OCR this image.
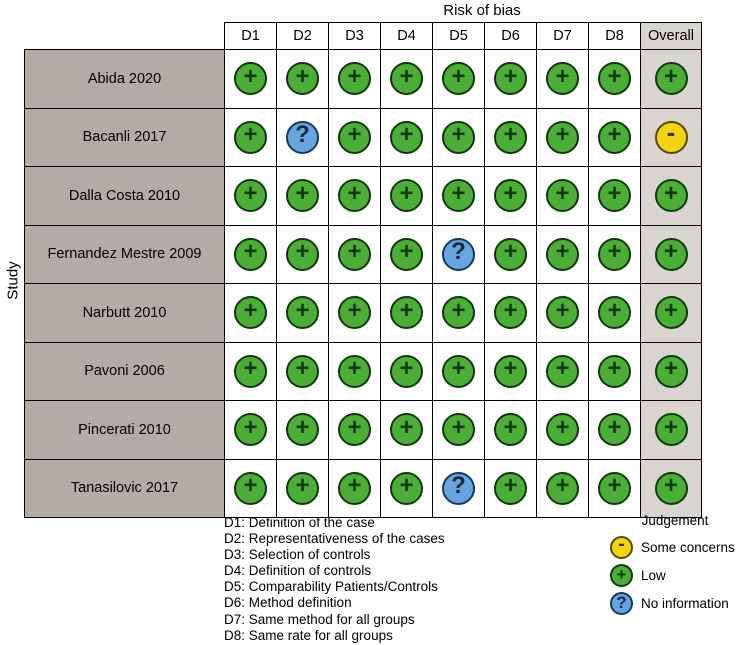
Risk of bias
Study
	D1	D2	D3	D4	D5	D6	D7	D8	Overall
Abida 2020	+	+	+	+	+	+	+	+	+

Bacanli 2017	+	?	+	+	+	+	+	+	-

Dalla Costa 2010	+	+	+	+	+	+	+	+	+

Fernandez Mestre 2009	+	+	+	+	?	+	+	+	+

Narbutt 2010	+	+	+	+	+	+	+	+	+

Pavoni 2006	+	+	+	+	+	+	+	+	+

Pincerati 2010	+	+	+	+	+	+	+	+	+

Tanasilovic 2017	+	+	+	+	?	+	+	+	+
D1: Definition of the case
D2: Representativeness of the cases
D3: Selection of controls
D4: Definition of controls
D5: Comparability Patients/Controls
D6: Method definition
D7: Same method for all groups
D8: Same rate for all groups
Judgement
- Some concerns
+ Low
? No information
